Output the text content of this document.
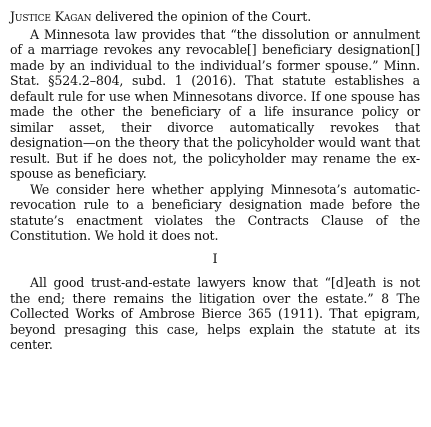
Justice Kagan delivered the opinion of the Court.

A Minnesota law provides that “the dissolution or annulment of a marriage revokes any revocable[] beneficiary designation[] made by an individual to the individual’s former spouse.” Minn. Stat. §524.2–804, subd. 1 (2016). That statute establishes a default rule for use when Minnesotans divorce. If one spouse has made the other the beneficiary of a life insurance policy or similar asset, their divorce automatically revokes that designation—on the theory that the policyholder would want that result. But if he does not, the policyholder may rename the ex-spouse as beneficiary.

We consider here whether applying Minnesota’s automatic-revocation rule to a beneficiary designation made before the statute’s enactment violates the Contracts Clause of the Constitution. We hold it does not.

I

All good trust-and-estate lawyers know that “[d]eath is not the end; there remains the litigation over the estate.” 8 The Collected Works of Ambrose Bierce 365 (1911). That epigram, beyond presaging this case, helps explain the statute at its center.
